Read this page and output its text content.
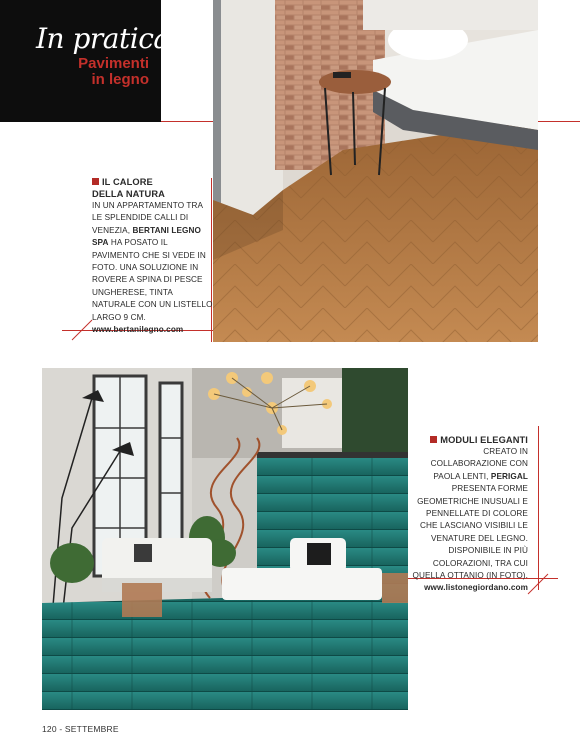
In pratica
Pavimenti
in legno
IL CALORE
DELLA NATURA
IN UN APPARTAMENTO TRA LE SPLENDIDE CALLI DI VENEZIA, BERTANI LEGNO SPA HA POSATO IL PAVIMENTO CHE SI VEDE IN FOTO. UNA SOLUZIONE IN ROVERE A SPINA DI PESCE UNGHERESE, TINTA NATURALE CON UN LISTELLO LARGO 9 CM.
www.bertanilegno.com
MODULI ELEGANTI
CREATO IN COLLABORAZIONE CON PAOLA LENTI, PERIGAL PRESENTA FORME GEOMETRICHE INUSUALI E PENNELLATE DI COLORE CHE LASCIANO VISIBILI LE VENATURE DEL LEGNO. DISPONIBILE IN PIÙ COLORAZIONI, TRA CUI QUELLA OTTANIO (IN FOTO).
www.listonegiordano.com
120 - SETTEMBRE
